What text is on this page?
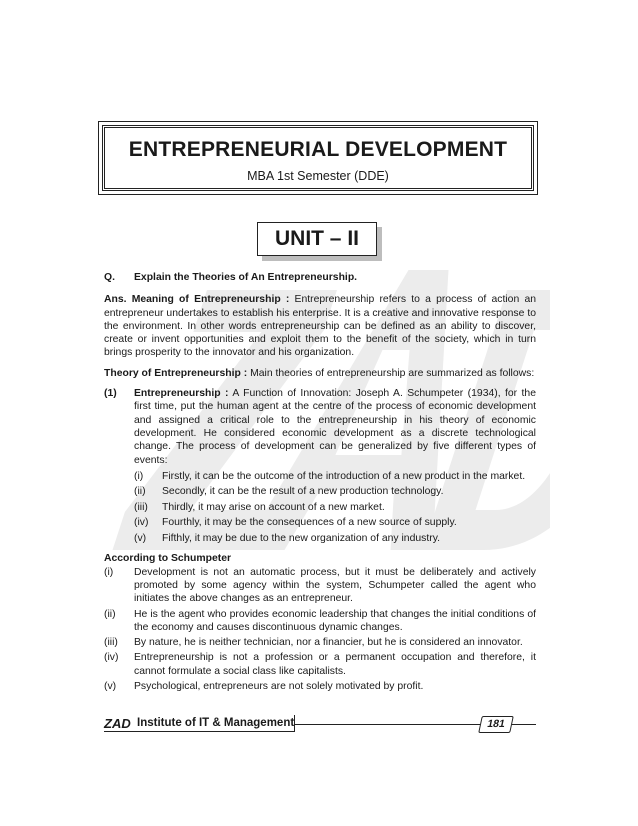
ENTREPRENEURIAL DEVELOPMENT
MBA 1st Semester (DDE)
UNIT – II

Q.	Explain the Theories of An Entrepreneurship.

Ans. Meaning of Entrepreneurship : Entrepreneurship refers to a process of action an entrepreneur undertakes to establish his enterprise. It is a creative and innovative response to the environment. In other words entrepreneurship can be defined as an ability to discover, create or invent opportunities and exploit them to the benefit of the society, which in turn brings prosperity to the innovator and his organization.

Theory of Entrepreneurship : Main theories of entrepreneurship are summarized as follows:

(1)	Entrepreneurship : A Function of Innovation: Joseph A. Schumpeter (1934), for the first time, put the human agent at the centre of the process of economic development and assigned a critical role to the entrepreneurship in his theory of economic development. He considered economic development as a discrete technological change. The process of development can be generalized by five different types of events:
(i)	Firstly, it can be the outcome of the introduction of a new product in the market.
(ii)	Secondly, it can be the result of a new production technology.
(iii)	Thirdly, it may arise on account of a new market.
(iv)	Fourthly, it may be the consequences of a new source of supply.
(v)	Fifthly, it may be due to the new organization of any industry.

According to Schumpeter

(i)	Development is not an automatic process, but it must be deliberately and actively promoted by some agency within the system, Schumpeter called the agent who initiates the above changes as an entrepreneur.
(ii)	He is the agent who provides economic leadership that changes the initial conditions of the economy and causes discontinuous dynamic changes.
(iii)	By nature, he is neither technician, nor a financier, but he is considered an innovator.
(iv)	Entrepreneurship is not a profession or a permanent occupation and therefore, it cannot formulate a social class like capitalists.
(v)	Psychological, entrepreneurs are not solely motivated by profit.
ZAD Institute of IT & Management	181
